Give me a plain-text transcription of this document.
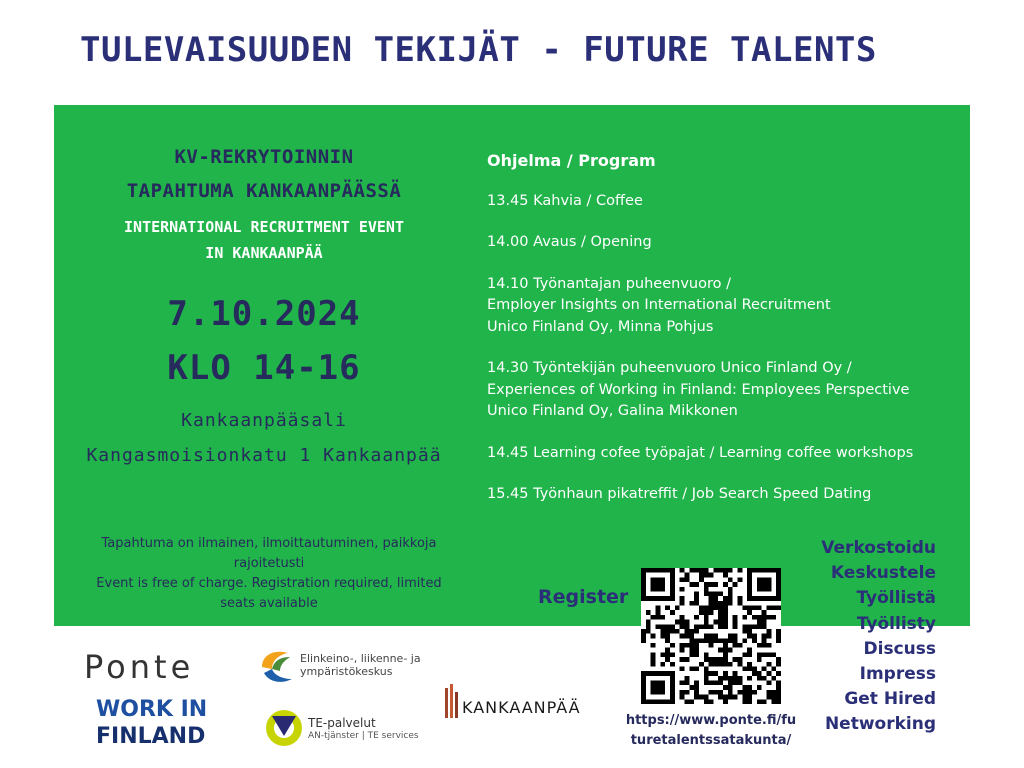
TULEVAISUUDEN TEKIJÄT - FUTURE TALENTS
KV-REKRYTOINNIN
TAPAHTUMA KANKAANPÄÄSSÄ
INTERNATIONAL RECRUITMENT EVENT
IN KANKAANPÄÄ
7.10.2024
KLO 14-16
Kankaanpääsali
Kangasmoisionkatu 1 Kankaanpää
Tapahtuma on ilmainen, ilmoittautuminen, paikkoja
rajoitetusti
Event is free of charge. Registration required, limited
seats available
Ohjelma / Program
13.45 Kahvia / Coffee
14.00 Avaus / Opening
14.10 Työnantajan puheenvuoro /
Employer Insights on International Recruitment
Unico Finland Oy, Minna Pohjus
14.30 Työntekijän puheenvuoro Unico Finland Oy /
Experiences of Working in Finland: Employees Perspective
Unico Finland Oy, Galina Mikkonen
14.45 Learning cofee työpajat / Learning coffee workshops
15.45 Työnhaun pikatreffit / Job Search Speed Dating
Register
https://www.ponte.fi/fu
turetalentssatakunta/
Verkostoidu
Keskustele
Työllistä
Työllisty
Discuss
Impress
Get Hired
Networking
Ponte
WORK IN
FINLAND
Elinkeino-, liikenne- ja
ympäristökeskus
TE-palvelut
AN-tjänster | TE services
KANKAANPÄÄ
